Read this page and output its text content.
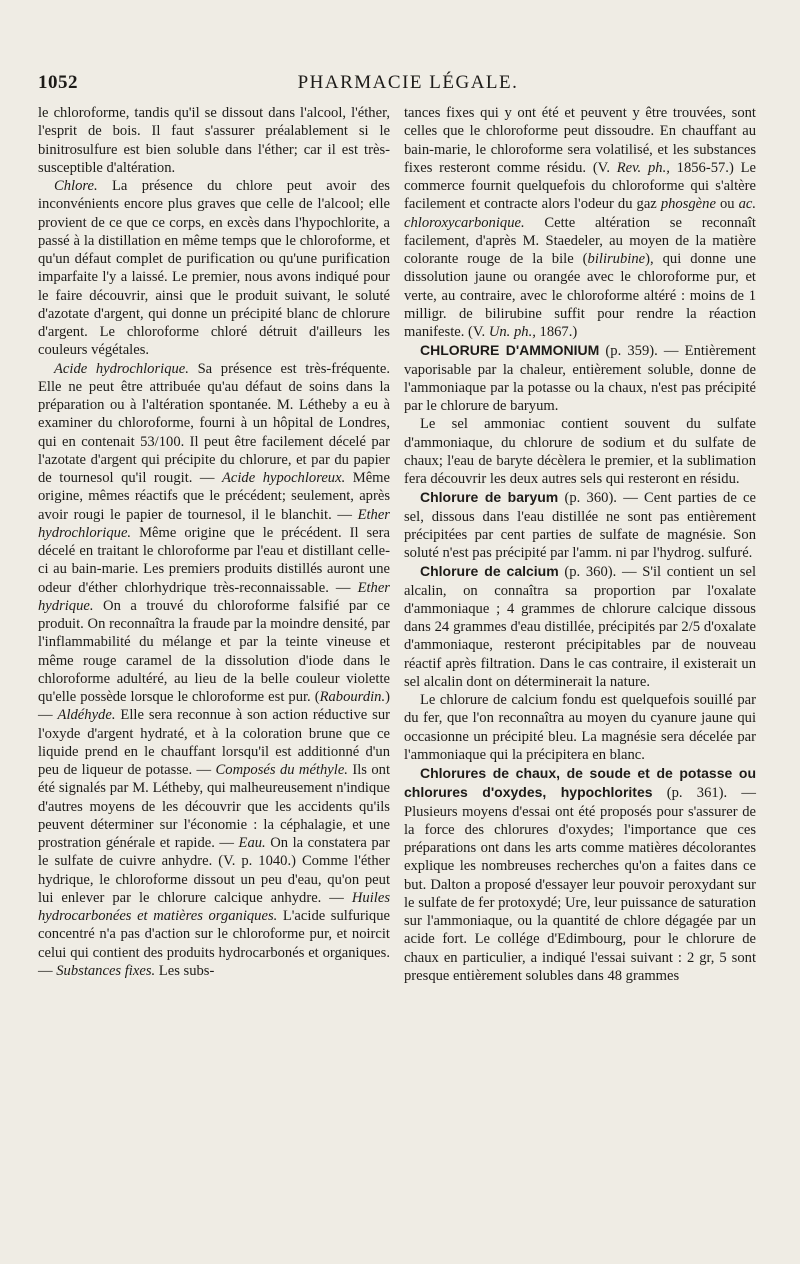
1052	PHARMACIE LÉGALE.

le chloroforme, tandis qu'il se dissout dans l'alcool, l'éther, l'esprit de bois. Il faut s'assurer préalablement si le binitrosulfure est bien soluble dans l'éther; car il est très-susceptible d'altération.

Chlore. La présence du chlore peut avoir des inconvénients encore plus graves que celle de l'alcool; elle provient de ce que ce corps, en excès dans l'hypochlorite, a passé à la distillation en même temps que le chloroforme, et qu'un défaut complet de purification ou qu'une purification imparfaite l'y a laissé. Le premier, nous avons indiqué pour le faire découvrir, ainsi que le produit suivant, le soluté d'azotate d'argent, qui donne un précipité blanc de chlorure d'argent. Le chloroforme chloré détruit d'ailleurs les couleurs végétales.

Acide hydrochlorique. Sa présence est très-fréquente. Elle ne peut être attribuée qu'au défaut de soins dans la préparation ou à l'altération spontanée. M. Létheby a eu à examiner du chloroforme, fourni à un hôpital de Londres, qui en contenait 53/100. Il peut être facilement décelé par l'azotate d'argent qui précipite du chlorure, et par du papier de tournesol qu'il rougit. — Acide hypochloreux. Même origine, mêmes réactifs que le précédent; seulement, après avoir rougi le papier de tournesol, il le blanchit. — Ether hydrochlorique. Même origine que le précédent. Il sera décelé en traitant le chloroforme par l'eau et distillant celle-ci au bain-marie. Les premiers produits distillés auront une odeur d'éther chlorhydrique très-reconnaissable. — Ether hydrique. On a trouvé du chloroforme falsifié par ce produit. On reconnaîtra la fraude par la moindre densité, par l'inflammabilité du mélange et par la teinte vineuse et même rouge caramel de la dissolution d'iode dans le chloroforme adultéré, au lieu de la belle couleur violette qu'elle possède lorsque le chloroforme est pur. (Rabourdin.) — Aldéhyde. Elle sera reconnue à son action réductive sur l'oxyde d'argent hydraté, et à la coloration brune que ce liquide prend en le chauffant lorsqu'il est additionné d'un peu de liqueur de potasse. — Composés du méthyle. Ils ont été signalés par M. Létheby, qui malheureusement n'indique d'autres moyens de les découvrir que les accidents qu'ils peuvent déterminer sur l'économie : la céphalagie, et une prostration générale et rapide. — Eau. On la constatera par le sulfate de cuivre anhydre. (V. p. 1040.) Comme l'éther hydrique, le chloroforme dissout un peu d'eau, qu'on peut lui enlever par le chlorure calcique anhydre. — Huiles hydrocarbonées et matières organiques. L'acide sulfurique concentré n'a pas d'action sur le chloroforme pur, et noircit celui qui contient des produits hydrocarbonés et organiques. — Substances fixes. Les subs-

tances fixes qui y ont été et peuvent y être trouvées, sont celles que le chloroforme peut dissoudre. En chauffant au bain-marie, le chloroforme sera volatilisé, et les substances fixes resteront comme résidu. (V. Rev. ph., 1856-57.) Le commerce fournit quelquefois du chloroforme qui s'altère facilement et contracte alors l'odeur du gaz phosgène ou ac. chloroxycarbonique. Cette altération se reconnaît facilement, d'après M. Staedeler, au moyen de la matière colorante rouge de la bile (bilirubine), qui donne une dissolution jaune ou orangée avec le chloroforme pur, et verte, au contraire, avec le chloroforme altéré : moins de 1 milligr. de bilirubine suffit pour rendre la réaction manifeste. (V. Un. ph., 1867.)

CHLORURE D'AMMONIUM (p. 359). — Entièrement vaporisable par la chaleur, entièrement soluble, donne de l'ammoniaque par la potasse ou la chaux, n'est pas précipité par le chlorure de baryum.

Le sel ammoniac contient souvent du sulfate d'ammoniaque, du chlorure de sodium et du sulfate de chaux; l'eau de baryte décèlera le premier, et la sublimation fera découvrir les deux autres sels qui resteront en résidu.

Chlorure de baryum (p. 360). — Cent parties de ce sel, dissous dans l'eau distillée ne sont pas entièrement précipitées par cent parties de sulfate de magnésie. Son soluté n'est pas précipité par l'amm. ni par l'hydrog. sulfuré.

Chlorure de calcium (p. 360). — S'il contient un sel alcalin, on connaîtra sa proportion par l'oxalate d'ammoniaque ; 4 grammes de chlorure calcique dissous dans 24 grammes d'eau distillée, précipités par 2/5 d'oxalate d'ammoniaque, resteront précipitables par de nouveau réactif après filtration. Dans le cas contraire, il existerait un sel alcalin dont on déterminerait la nature.

Le chlorure de calcium fondu est quelquefois souillé par du fer, que l'on reconnaîtra au moyen du cyanure jaune qui occasionne un précipité bleu. La magnésie sera décelée par l'ammoniaque qui la précipitera en blanc.

Chlorures de chaux, de soude et de potasse ou chlorures d'oxydes, hypochlorites (p. 361). — Plusieurs moyens d'essai ont été proposés pour s'assurer de la force des chlorures d'oxydes; l'importance que ces préparations ont dans les arts comme matières décolorantes explique les nombreuses recherches qu'on a faites dans ce but. Dalton a proposé d'essayer leur pouvoir peroxydant sur le sulfate de fer protoxydé; Ure, leur puissance de saturation sur l'ammoniaque, ou la quantité de chlore dégagée par un acide fort. Le collége d'Edimbourg, pour le chlorure de chaux en particulier, a indiqué l'essai suivant : 2 gr, 5 sont presque entièrement solubles dans 48 grammes
